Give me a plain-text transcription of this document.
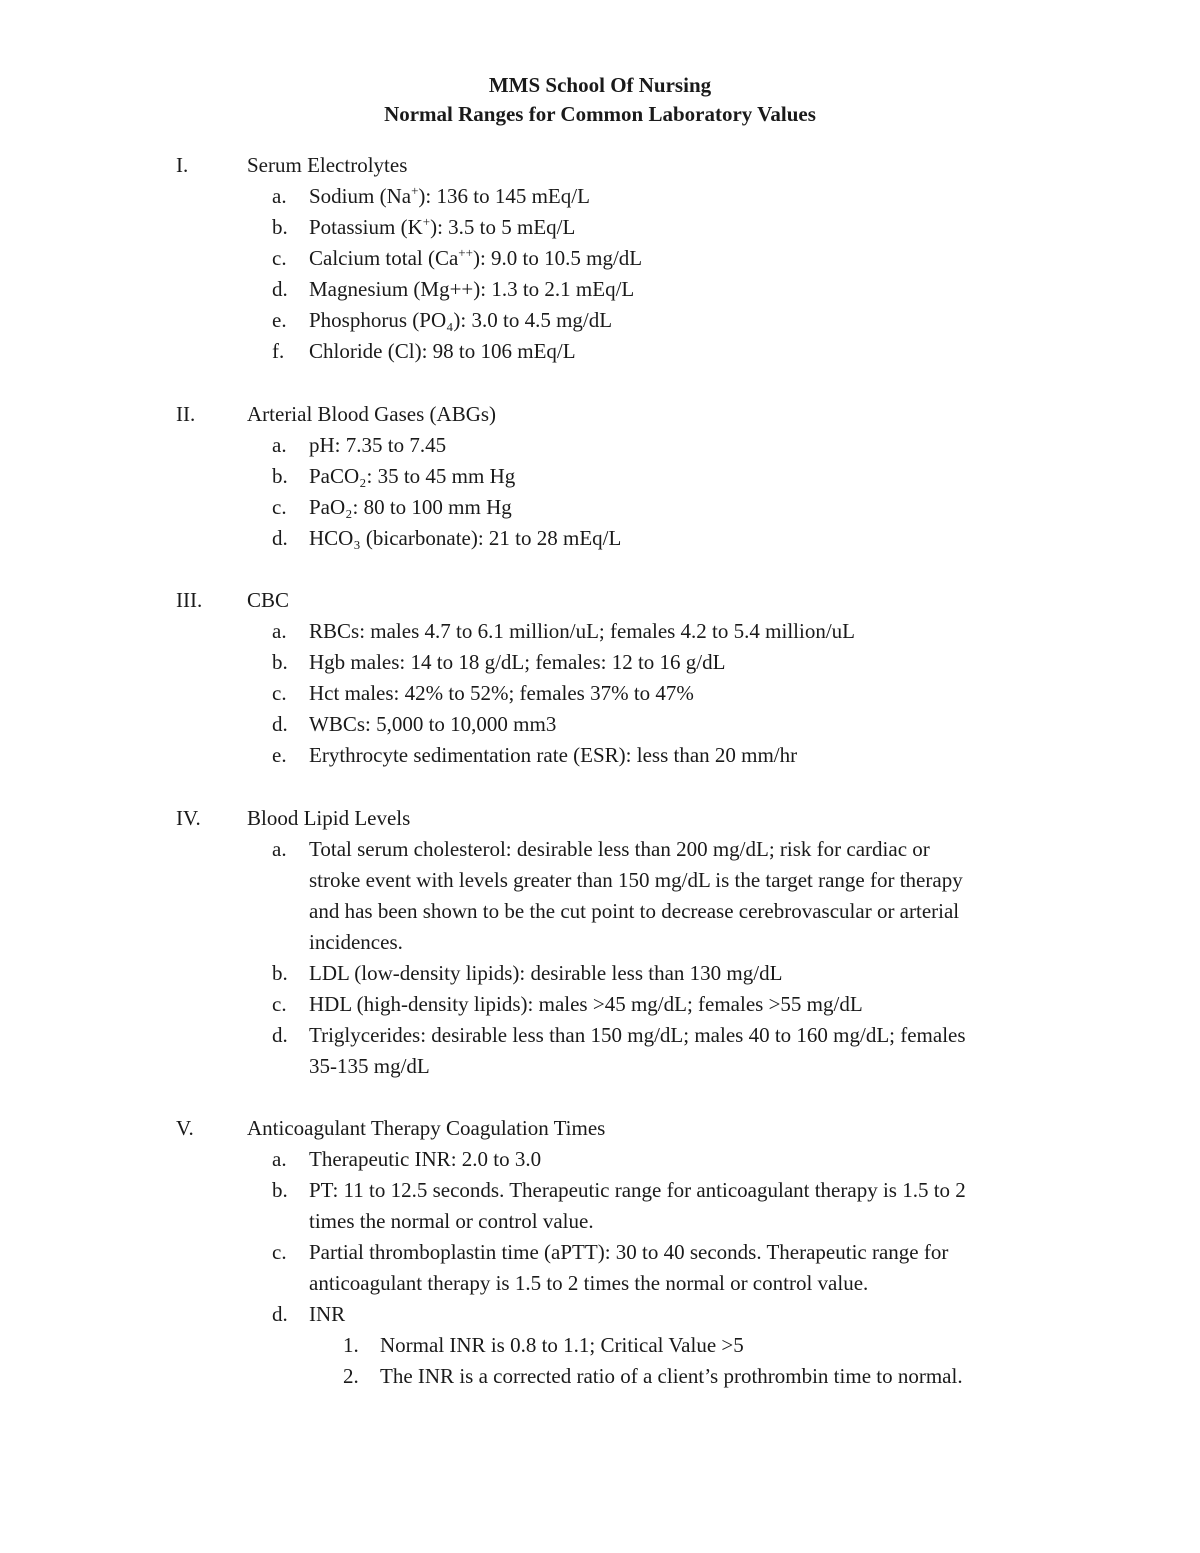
MMS School Of Nursing
Normal Ranges for Common Laboratory Values
I.	Serum Electrolytes
a. Sodium (Na+): 136 to 145 mEq/L
b. Potassium (K+): 3.5 to 5 mEq/L
c. Calcium total (Ca++): 9.0 to 10.5 mg/dL
d. Magnesium (Mg++): 1.3 to 2.1 mEq/L
e. Phosphorus (PO₄): 3.0 to 4.5 mg/dL
f. Chloride (Cl): 98 to 106 mEq/L
II. Arterial Blood Gases (ABGs)
a. pH: 7.35 to 7.45
b. PaCO₂: 35 to 45 mm Hg
c. PaO₂: 80 to 100 mm Hg
d. HCO₃ (bicarbonate): 21 to 28 mEq/L
III. CBC
a. RBCs: males 4.7 to 6.1 million/uL; females 4.2 to 5.4 million/uL
b. Hgb males: 14 to 18 g/dL; females: 12 to 16 g/dL
c. Hct males: 42% to 52%; females 37% to 47%
d. WBCs: 5,000 to 10,000 mm3
e. Erythrocyte sedimentation rate (ESR): less than 20 mm/hr
IV. Blood Lipid Levels
a. Total serum cholesterol: desirable less than 200 mg/dL; risk for cardiac or
stroke event with levels greater than 150 mg/dL is the target range for therapy
and has been shown to be the cut point to decrease cerebrovascular or arterial
incidences.
b. LDL (low-density lipids): desirable less than 130 mg/dL
c. HDL (high-density lipids): males >45 mg/dL; females >55 mg/dL
d. Triglycerides: desirable less than 150 mg/dL; males 40 to 160 mg/dL; females
35-135 mg/dL
V.	Anticoagulant Therapy Coagulation Times
a. Therapeutic INR: 2.0 to 3.0
b. PT: 11 to 12.5 seconds. Therapeutic range for anticoagulant therapy is 1.5 to 2
times the normal or control value.
c. Partial thromboplastin time (aPTT): 30 to 40 seconds. Therapeutic range for
anticoagulant therapy is 1.5 to 2 times the normal or control value.
d. INR
1. Normal INR is 0.8 to 1.1; Critical Value >5
2. The INR is a corrected ratio of a client’s prothrombin time to normal.
